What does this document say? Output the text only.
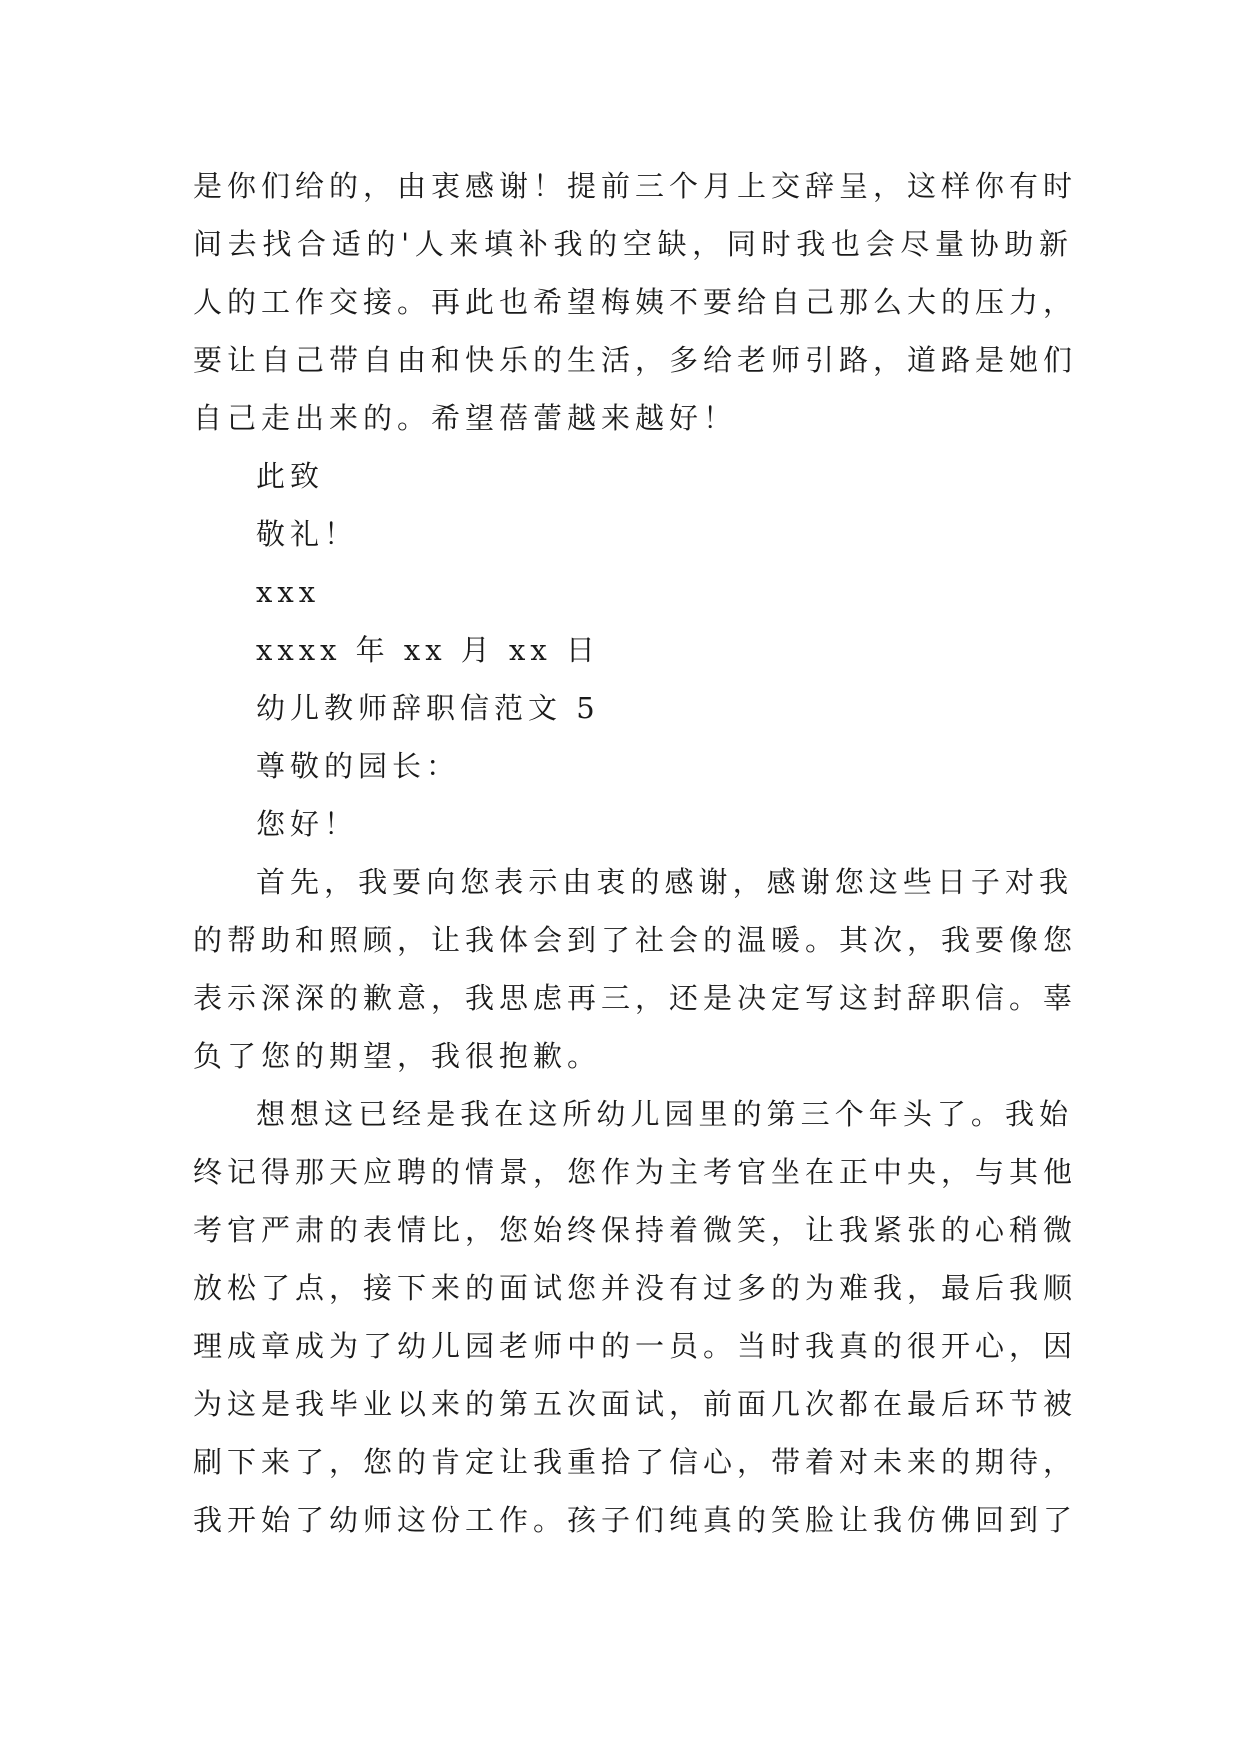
是你们给的，由衷感谢！提前三个月上交辞呈，这样你有时
间去找合适的'人来填补我的空缺，同时我也会尽量协助新
人的工作交接。再此也希望梅姨不要给自己那么大的压力，
要让自己带自由和快乐的生活，多给老师引路，道路是她们
自己走出来的。希望蓓蕾越来越好！
此致
敬礼！
xxx
xxxx 年 xx 月 xx 日
幼儿教师辞职信范文 5
尊敬的园长：
您好！
首先，我要向您表示由衷的感谢，感谢您这些日子对我
的帮助和照顾，让我体会到了社会的温暖。其次，我要像您
表示深深的歉意，我思虑再三，还是决定写这封辞职信。辜
负了您的期望，我很抱歉。
想想这已经是我在这所幼儿园里的第三个年头了。我始
终记得那天应聘的情景，您作为主考官坐在正中央，与其他
考官严肃的表情比，您始终保持着微笑，让我紧张的心稍微
放松了点，接下来的面试您并没有过多的为难我，最后我顺
理成章成为了幼儿园老师中的一员。当时我真的很开心，因
为这是我毕业以来的第五次面试，前面几次都在最后环节被
刷下来了，您的肯定让我重拾了信心，带着对未来的期待，
我开始了幼师这份工作。孩子们纯真的笑脸让我仿佛回到了
